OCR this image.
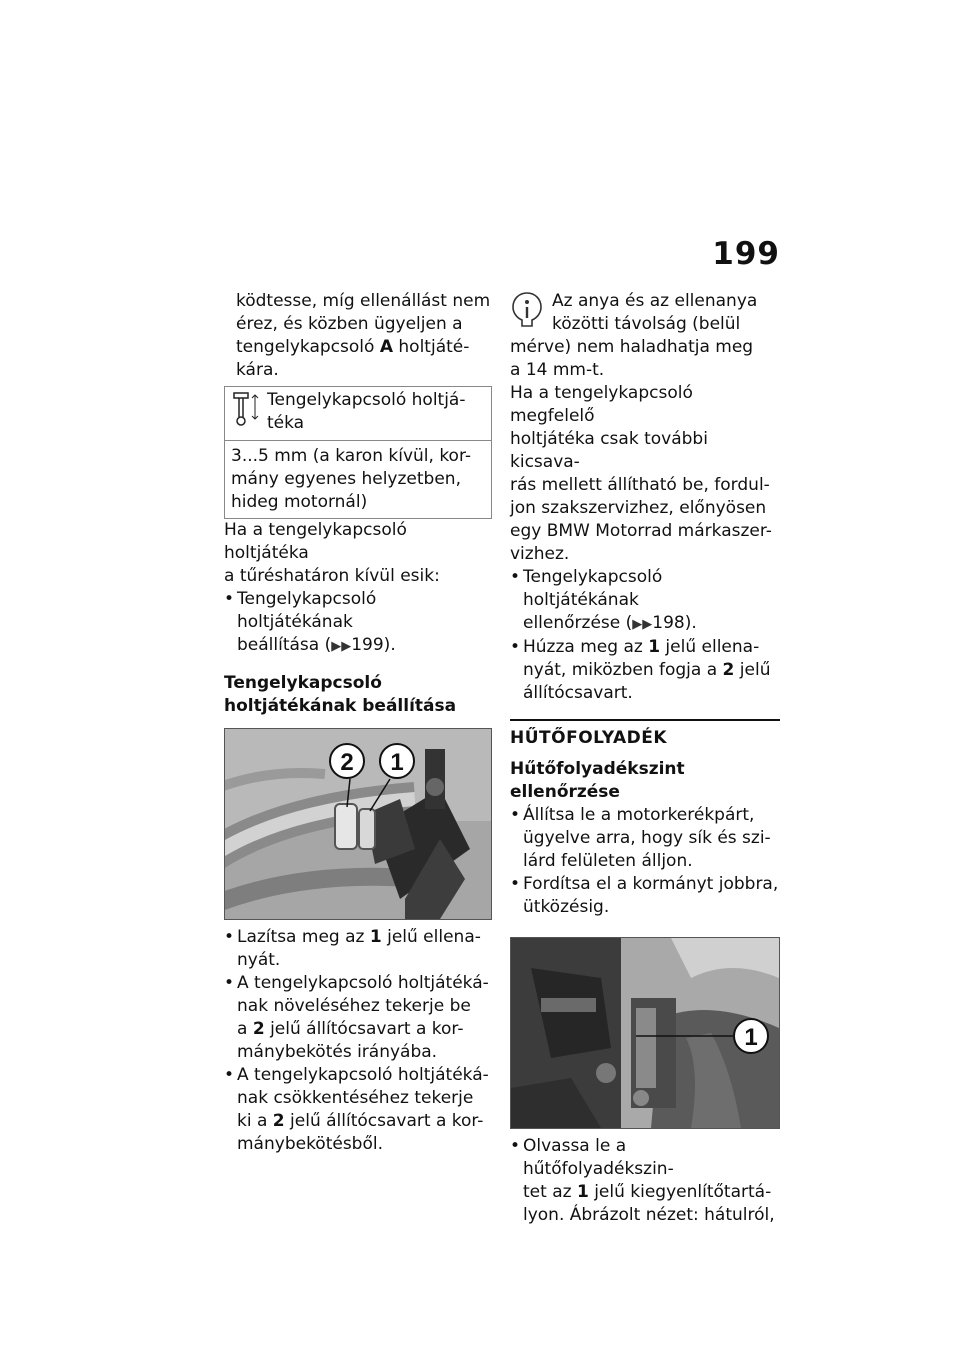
199

ködtesse, míg ellenállást nem

érez, és közben ügyeljen a

tengelykapcsoló A holtjáté-

kára.

Tengelykapcsoló holtjá-

téka

3...5 mm (a karon kívül, kor-

mány egyenes helyzetben,

hideg motornál)

Ha a tengelykapcsoló holtjátéka

a tűréshatáron kívül esik:

• Tengelykapcsoló holtjátékának

beállítása (▶▶199).

Tengelykapcsoló

holtjátékának beállítása

2 1

• Lazítsa meg az 1 jelű ellena-

nyát.

• A tengelykapcsoló holtjátéká-

nak növeléséhez tekerje be

a 2 jelű állítócsavart a kor-

mánybekötés irányába.

• A tengelykapcsoló holtjátéká-

nak csökkentéséhez tekerje

ki a 2 jelű állítócsavart a kor-

mánybekötésből.

Az anya és az ellenanya

közötti távolság (belül

mérve) nem haladhatja meg

a 14 mm-t.

Ha a tengelykapcsoló megfelelő

holtjátéka csak további kicsava-

rás mellett állítható be, fordul-

jon szakszervizhez, előnyösen

egy BMW Motorrad márkaszer-

vizhez.

• Tengelykapcsoló holtjátékának

ellenőrzése (▶▶198).

• Húzza meg az 1 jelű ellena-

nyát, miközben fogja a 2 jelű

állítócsavart.

HŰTŐFOLYADÉK

Hűtőfolyadékszint ellenőrzése

• Állítsa le a motorkerékpárt,

ügyelve arra, hogy sík és szi-

lárd felületen álljon.

• Fordítsa el a kormányt jobbra,

ütközésig.

1

• Olvassa le a hűtőfolyadékszin-

tet az 1 jelű kiegyenlítőtartá-

lyon. Ábrázolt nézet: hátulról,
